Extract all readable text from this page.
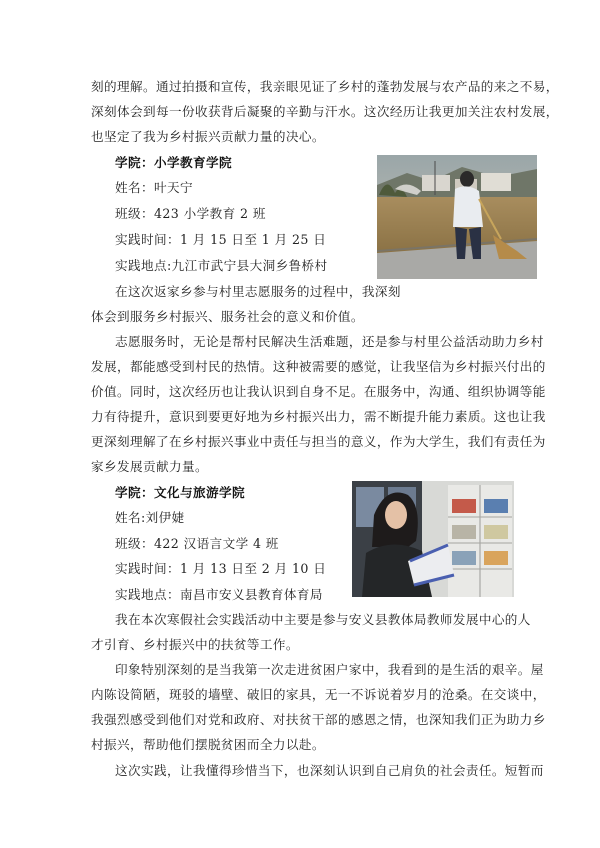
刻的理解。通过拍摄和宣传，我亲眼见证了乡村的蓬勃发展与农产品的来之不易，
深刻体会到每一份收获背后凝聚的辛勤与汗水。这次经历让我更加关注农村发展，
也坚定了我为乡村振兴贡献力量的决心。
学院：小学教育学院
姓名：叶天宁
班级：423 小学教育 2 班
实践时间：1 月 15 日至 1 月 25 日
实践地点:九江市武宁县大洞乡鲁桥村
在这次返家乡参与村里志愿服务的过程中，我深刻
体会到服务乡村振兴、服务社会的意义和价值。
志愿服务时，无论是帮村民解决生活难题，还是参与村里公益活动助力乡村
发展，都能感受到村民的热情。这种被需要的感觉，让我坚信为乡村振兴付出的
价值。同时，这次经历也让我认识到自身不足。在服务中，沟通、组织协调等能
力有待提升，意识到要更好地为乡村振兴出力，需不断提升能力素质。这也让我
更深刻理解了在乡村振兴事业中责任与担当的意义，作为大学生，我们有责任为
家乡发展贡献力量。
学院：文化与旅游学院
姓名:刘伊婕
班级：422 汉语言文学 4 班
实践时间：1 月 13 日至 2 月 10 日
实践地点：南昌市安义县教育体育局
我在本次寒假社会实践活动中主要是参与安义县教体局教师发展中心的人
才引育、乡村振兴中的扶贫等工作。
印象特别深刻的是当我第一次走进贫困户家中，我看到的是生活的艰辛。屋
内陈设简陋，斑驳的墙壁、破旧的家具，无一不诉说着岁月的沧桑。在交谈中，
我强烈感受到他们对党和政府、对扶贫干部的感恩之情，也深知我们正为助力乡
村振兴，帮助他们摆脱贫困而全力以赴。
这次实践，让我懂得珍惜当下，也深刻认识到自己肩负的社会责任。短暂而
